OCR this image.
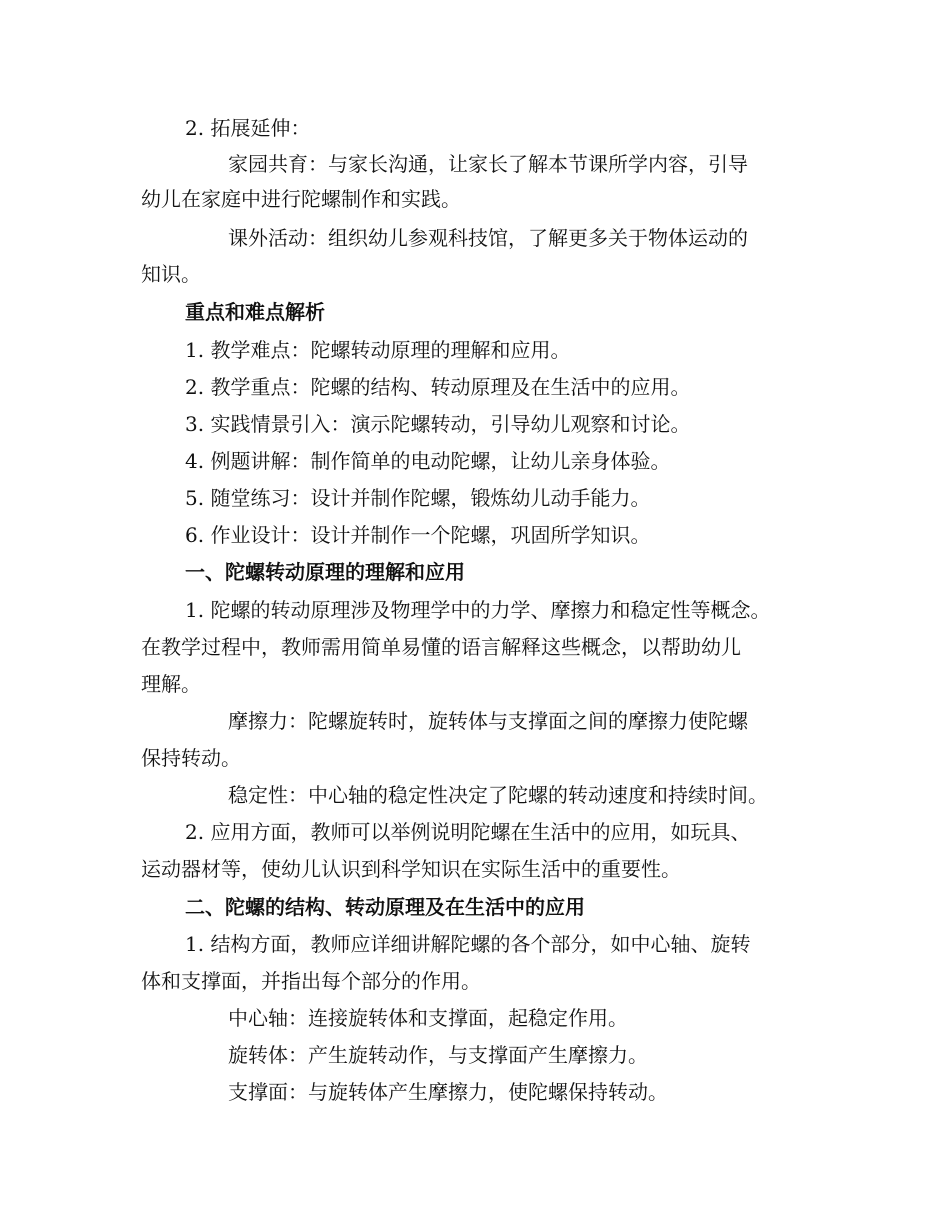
2. 拓展延伸：
家园共育：与家长沟通，让家长了解本节课所学内容，引导
幼儿在家庭中进行陀螺制作和实践。
课外活动：组织幼儿参观科技馆，了解更多关于物体运动的
知识。
重点和难点解析
1. 教学难点：陀螺转动原理的理解和应用。
2. 教学重点：陀螺的结构、转动原理及在生活中的应用。
3. 实践情景引入：演示陀螺转动，引导幼儿观察和讨论。
4. 例题讲解：制作简单的电动陀螺，让幼儿亲身体验。
5. 随堂练习：设计并制作陀螺，锻炼幼儿动手能力。
6. 作业设计：设计并制作一个陀螺，巩固所学知识。
一、陀螺转动原理的理解和应用
1. 陀螺的转动原理涉及物理学中的力学、摩擦力和稳定性等概念。
在教学过程中，教师需用简单易懂的语言解释这些概念，以帮助幼儿
理解。
摩擦力：陀螺旋转时，旋转体与支撑面之间的摩擦力使陀螺
保持转动。
稳定性：中心轴的稳定性决定了陀螺的转动速度和持续时间。
2. 应用方面，教师可以举例说明陀螺在生活中的应用，如玩具、
运动器材等，使幼儿认识到科学知识在实际生活中的重要性。
二、陀螺的结构、转动原理及在生活中的应用
1. 结构方面，教师应详细讲解陀螺的各个部分，如中心轴、旋转
体和支撑面，并指出每个部分的作用。
中心轴：连接旋转体和支撑面，起稳定作用。
旋转体：产生旋转动作，与支撑面产生摩擦力。
支撑面：与旋转体产生摩擦力，使陀螺保持转动。
